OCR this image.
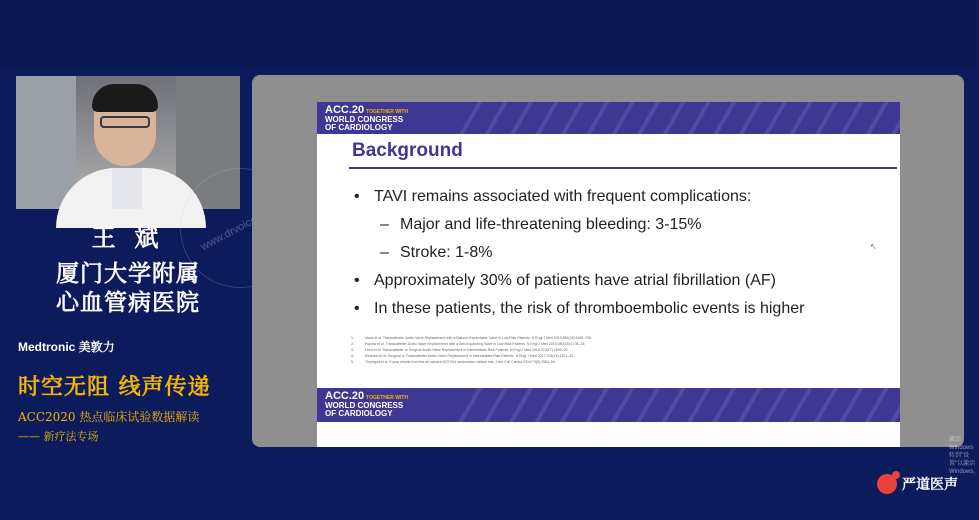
王 斌
厦门大学附属
心血管病医院
Medtronic 美敦力
时空无阻 线声传递
ACC2020 热点临床试验数据解读
—— 新疗法专场
www.drvoice.cn
ACC.20 TOGETHER WITH
WORLD CONGRESS
OF CARDIOLOGY
Background
• TAVI remains associated with frequent complications:
– Major and life-threatening bleeding: 3-15%
– Stroke: 1-8%
• Approximately 30% of patients have atrial fibrillation (AF)
• In these patients, the risk of thromboembolic events is higher
1.	Mack et al. Transcatheter Aortic-Valve Replacement with a Balloon-Expandable Valve in Low-Risk Patients. N Engl J Med 2019;380(18):1695–705.
2.	Popma et al. Transcatheter Aortic-Valve Replacement with a Self-Expanding Valve in Low-Risk Patients. N Engl J Med 2019;380(18):1706–15.
3.	Leon et al. Transcatheter or Surgical Aortic-Valve Replacement in Intermediate-Risk Patients. N Engl J Med 2016;374(17):1609–20.
4.	Reardon et al. Surgical or Transcatheter Aortic-Valve Replacement in Intermediate-Risk Patients. N Engl J Med 2017;376(14):1321–31.
5.	Thyregod et al. 5-year results from the all-comers NOTION randomized clinical trial. J Am Coll Cardiol 2019;73(5):2584–94.
↖
ACC.20 TOGETHER WITH
WORLD CONGRESS
OF CARDIOLOGY
激活 Windows
转到"设置"以激活 Windows。
严道医声
